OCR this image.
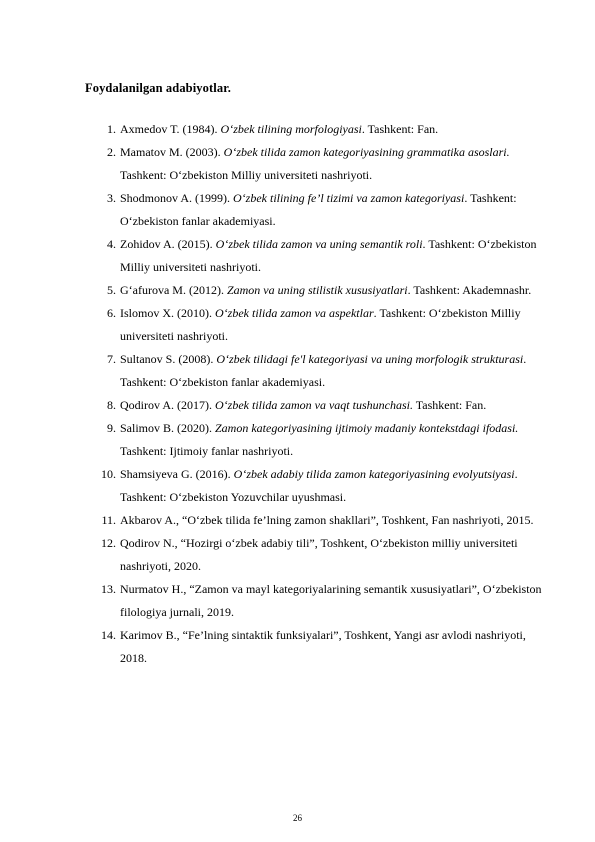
Foydalanilgan adabiyotlar.
1. Axmedov T. (1984). O‘zbek tilining morfologiyasi. Tashkent: Fan.
2. Mamatov M. (2003). O‘zbek tilida zamon kategoriyasining grammatika asoslari. Tashkent: O‘zbekiston Milliy universiteti nashriyoti.
3. Shodmonov A. (1999). O‘zbek tilining fe’l tizimi va zamon kategoriyasi. Tashkent: O‘zbekiston fanlar akademiyasi.
4. Zohidov A. (2015). O‘zbek tilida zamon va uning semantik roli. Tashkent: O‘zbekiston Milliy universiteti nashriyoti.
5. G‘afurova M. (2012). Zamon va uning stilistik xususiyatlari. Tashkent: Akademnashr.
6. Islomov X. (2010). O‘zbek tilida zamon va aspektlar. Tashkent: O‘zbekiston Milliy universiteti nashriyoti.
7. Sultanov S. (2008). O‘zbek tilidagi fe'l kategoriyasi va uning morfologik strukturasi. Tashkent: O‘zbekiston fanlar akademiyasi.
8. Qodirov A. (2017). O‘zbek tilida zamon va vaqt tushunchasi. Tashkent: Fan.
9. Salimov B. (2020). Zamon kategoriyasining ijtimoiy madaniy kontekstdagi ifodasi. Tashkent: Ijtimoiy fanlar nashriyoti.
10. Shamsiyeva G. (2016). O‘zbek adabiy tilida zamon kategoriyasining evolyutsiyasi. Tashkent: O‘zbekiston Yozuvchilar uyushmasi.
11. Akbarov A., “O‘zbek tilida fe’lning zamon shakllari”, Toshkent, Fan nashriyoti, 2015.
12. Qodirov N., “Hozirgi o‘zbek adabiy tili”, Toshkent, O‘zbekiston milliy universiteti nashriyoti, 2020.
13. Nurmatov H., “Zamon va mayl kategoriyalarining semantik xususiyatlari”, O‘zbekiston filologiya jurnali, 2019.
14. Karimov B., “Fe’lning sintaktik funksiyalari”, Toshkent, Yangi asr avlodi nashriyoti, 2018.
26
